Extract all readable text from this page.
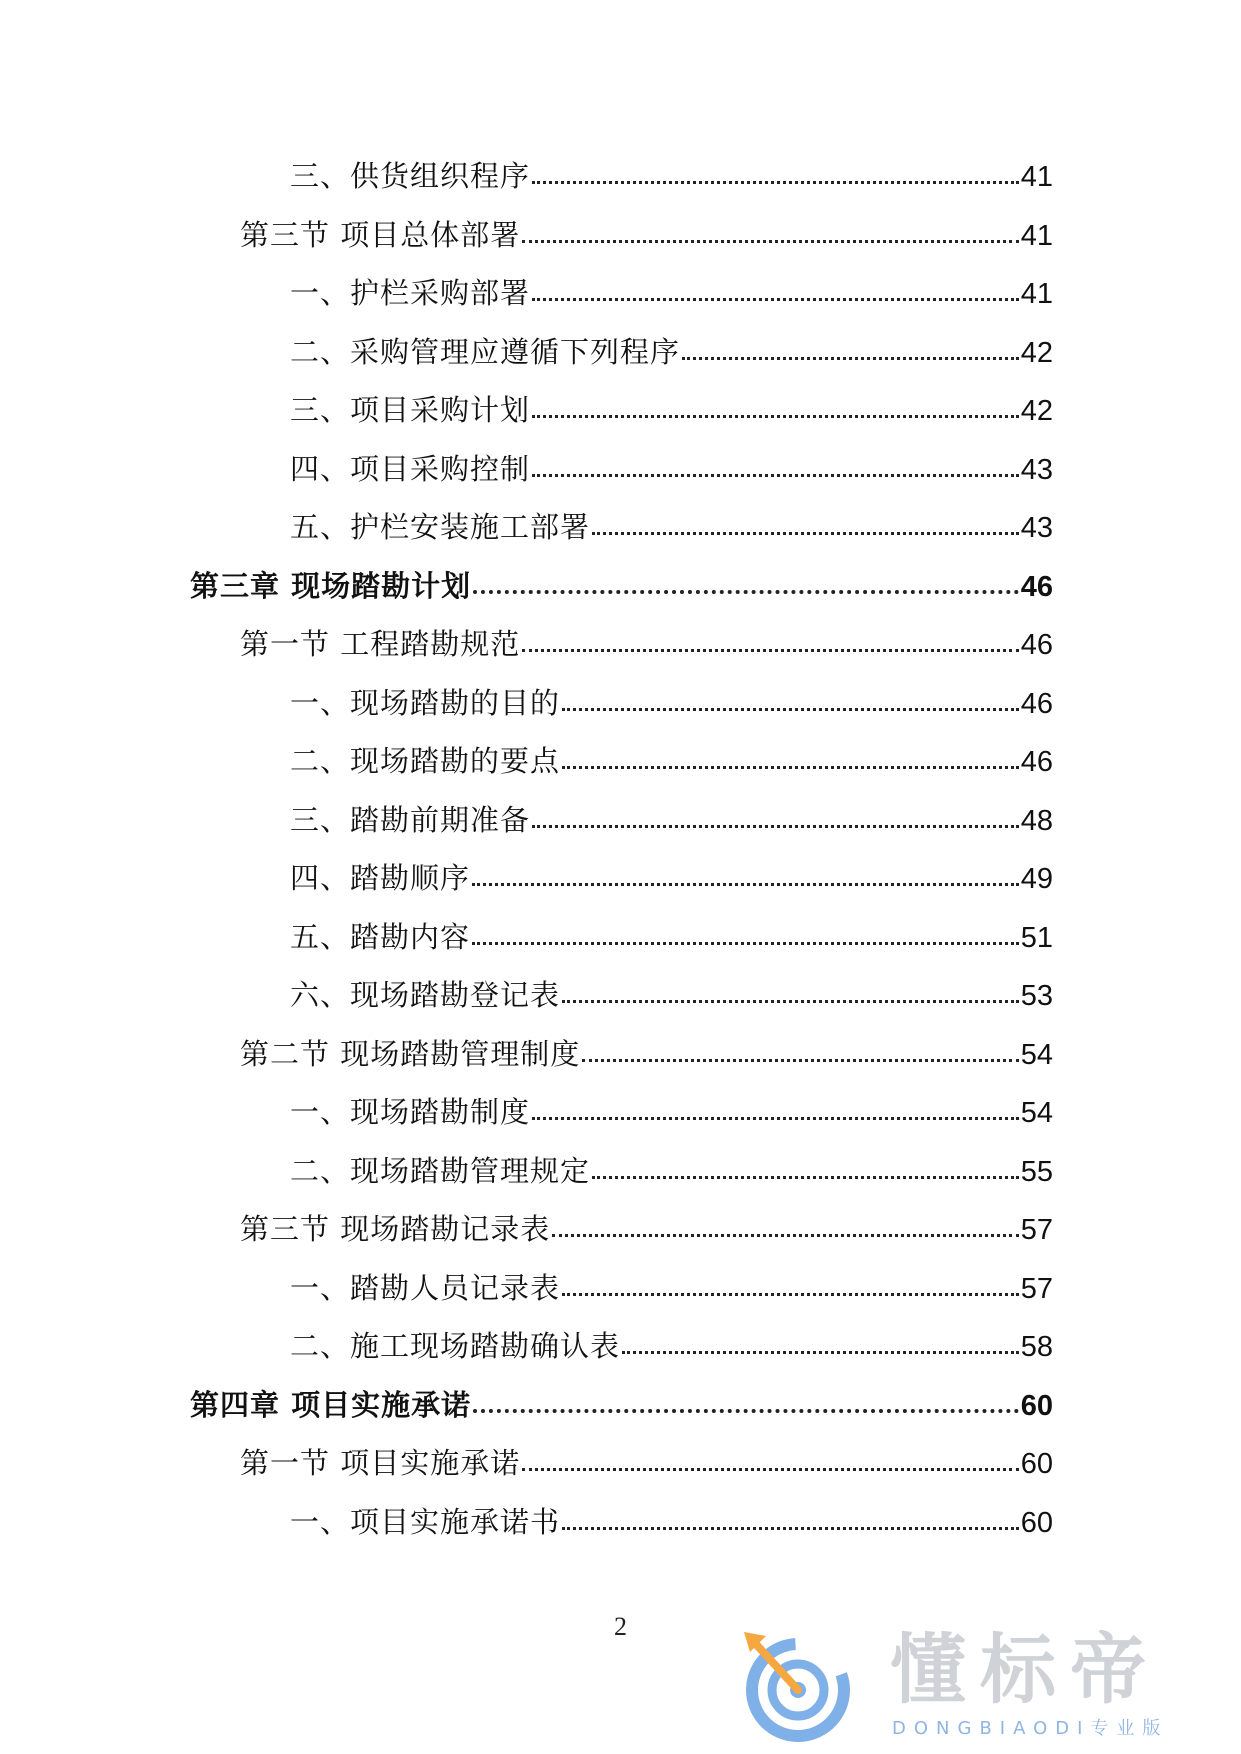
三、供货组织程序	41
第三节 项目总体部署	41
一、护栏采购部署	41
二、采购管理应遵循下列程序	42
三、项目采购计划	42
四、项目采购控制	43
五、护栏安装施工部署	43
第三章 现场踏勘计划	46
第一节 工程踏勘规范	46
一、现场踏勘的目的	46
二、现场踏勘的要点	46
三、踏勘前期准备	48
四、踏勘顺序	49
五、踏勘内容	51
六、现场踏勘登记表	53
第二节 现场踏勘管理制度	54
一、现场踏勘制度	54
二、现场踏勘管理规定	55
第三节 现场踏勘记录表	57
一、踏勘人员记录表	57
二、施工现场踏勘确认表	58
第四章 项目实施承诺	60
第一节 项目实施承诺	60
一、项目实施承诺书	60
2	懂标帝
DONGBIAODI专业版
